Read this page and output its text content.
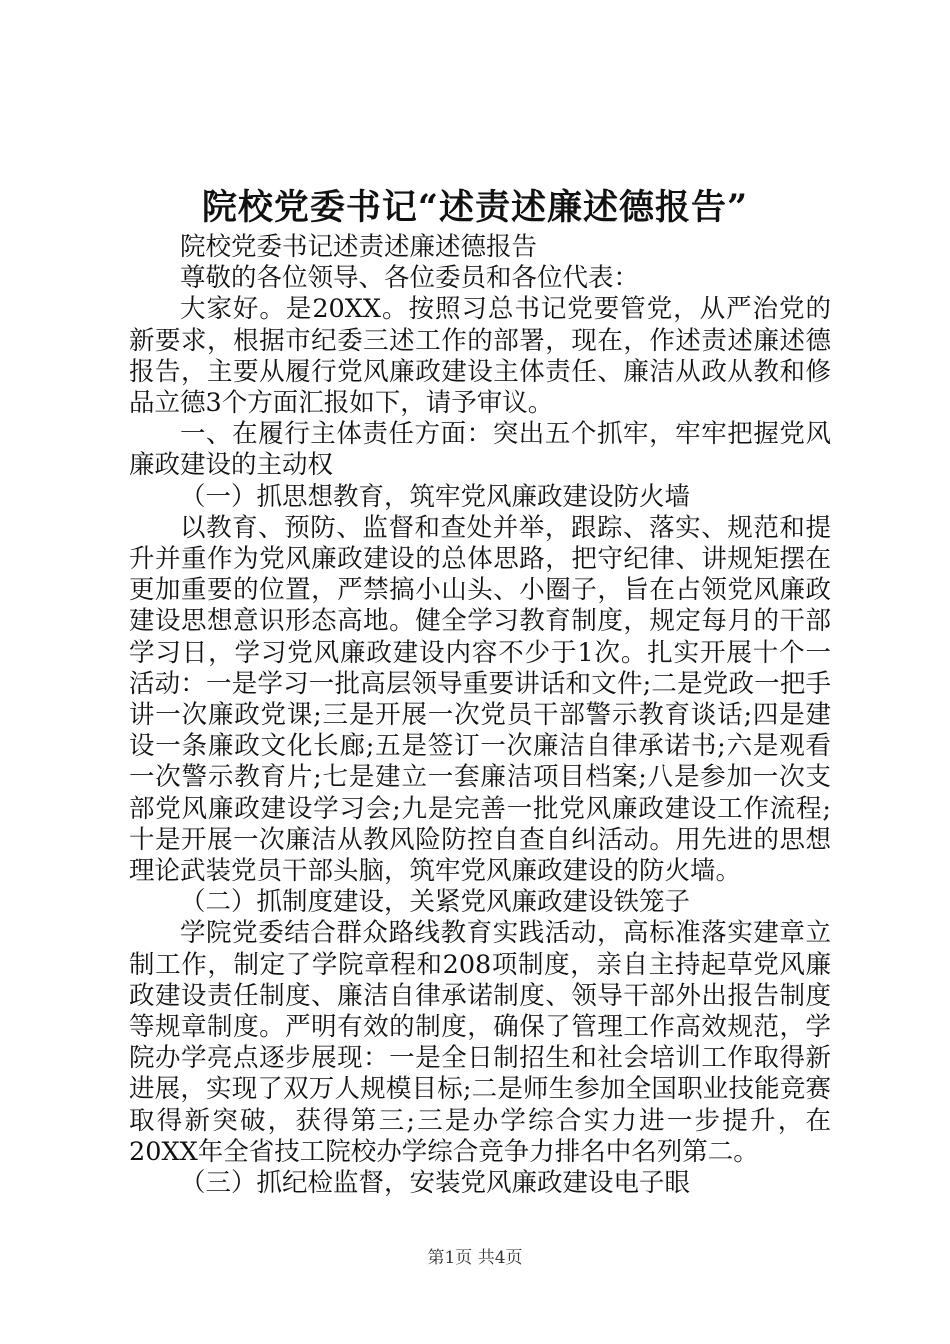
院校党委书记“述责述廉述德报告”

院校党委书记述责述廉述德报告

尊敬的各位领导、各位委员和各位代表：

大家好。是20XX。按照习总书记党要管党，从严治党的新要求，根据市纪委三述工作的部署，现在，作述责述廉述德报告，主要从履行党风廉政建设主体责任、廉洁从政从教和修品立德3个方面汇报如下，请予审议。

一、在履行主体责任方面：突出五个抓牢，牢牢把握党风廉政建设的主动权

（一）抓思想教育，筑牢党风廉政建设防火墙

以教育、预防、监督和查处并举，跟踪、落实、规范和提升并重作为党风廉政建设的总体思路，把守纪律、讲规矩摆在更加重要的位置，严禁搞小山头、小圈子，旨在占领党风廉政建设思想意识形态高地。健全学习教育制度，规定每月的干部学习日，学习党风廉政建设内容不少于1次。扎实开展十个一活动：一是学习一批高层领导重要讲话和文件;二是党政一把手讲一次廉政党课;三是开展一次党员干部警示教育谈话;四是建设一条廉政文化长廊;五是签订一次廉洁自律承诺书;六是观看一次警示教育片;七是建立一套廉洁项目档案;八是参加一次支部党风廉政建设学习会;九是完善一批党风廉政建设工作流程;十是开展一次廉洁从教风险防控自查自纠活动。用先进的思想理论武装党员干部头脑，筑牢党风廉政建设的防火墙。

（二）抓制度建设，关紧党风廉政建设铁笼子

学院党委结合群众路线教育实践活动，高标准落实建章立制工作，制定了学院章程和208项制度，亲自主持起草党风廉政建设责任制度、廉洁自律承诺制度、领导干部外出报告制度等规章制度。严明有效的制度，确保了管理工作高效规范，学院办学亮点逐步展现：一是全日制招生和社会培训工作取得新进展，实现了双万人规模目标;二是师生参加全国职业技能竞赛取得新突破，获得第三;三是办学综合实力进一步提升，在20XX年全省技工院校办学综合竞争力排名中名列第二。

（三）抓纪检监督，安装党风廉政建设电子眼

第1页 共4页
